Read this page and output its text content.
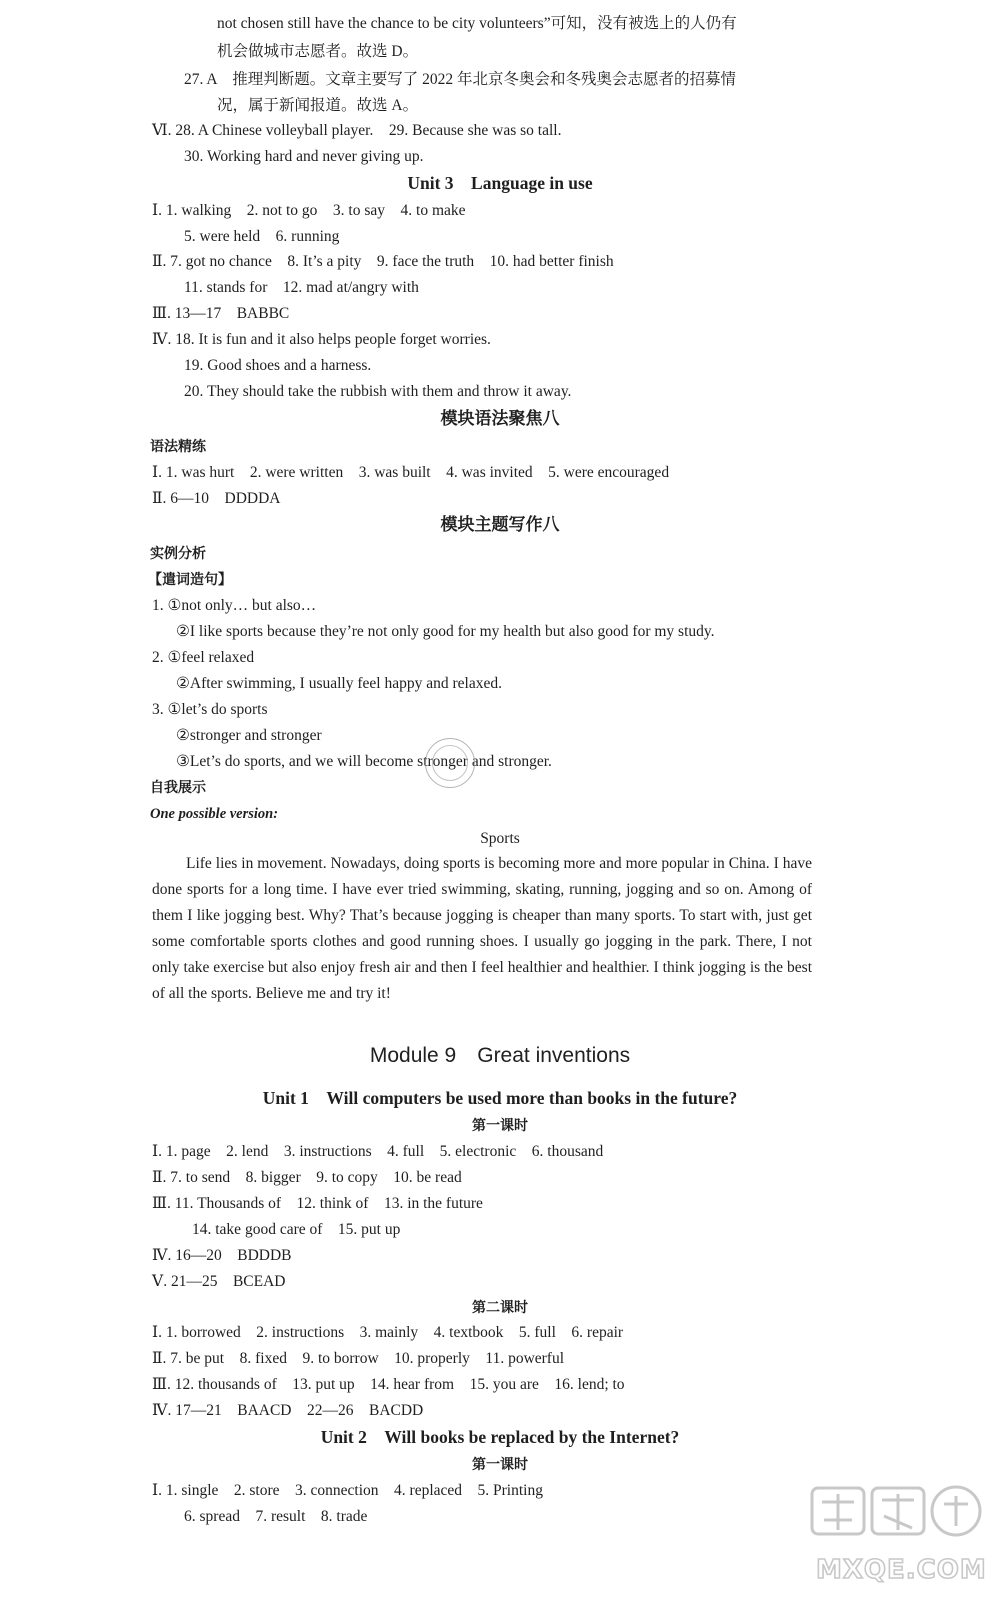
not chosen still have the chance to be city volunteers”可知，没有被选上的人仍有
机会做城市志愿者。故选 D。
27. A　推理判断题。文章主要写了 2022 年北京冬奥会和冬残奥会志愿者的招募情
况，属于新闻报道。故选 A。
Ⅵ. 28. A Chinese volleyball player.　29. Because she was so tall.
30. Working hard and never giving up.
Unit 3　Language in use
Ⅰ. 1. walking　2. not to go　3. to say　4. to make
5. were held　6. running
Ⅱ. 7. got no chance　8. It’s a pity　9. face the truth　10. had better finish
11. stands for　12. mad at/angry with
Ⅲ. 13—17　BABBC
Ⅳ. 18. It is fun and it also helps people forget worries.
19. Good shoes and a harness.
20. They should take the rubbish with them and throw it away.
模块语法聚焦八
语法精练
Ⅰ. 1. was hurt　2. were written　3. was built　4. was invited　5. were encouraged
Ⅱ. 6—10　DDDDA
模块主题写作八
实例分析
【遣词造句】
1. ①not only… but also…
②I like sports because they’re not only good for my health but also good for my study.
2. ①feel relaxed
②After swimming, I usually feel happy and relaxed.
3. ①let’s do sports
②stronger and stronger
③Let’s do sports, and we will become stronger and stronger.
自我展示
One possible version:
Sports
Life lies in movement. Nowadays, doing sports is becoming more and more popular in China. I have done sports for a long time. I have ever tried swimming, skating, running, jogging and so on. Among of them I like jogging best. Why? That’s because jogging is cheaper than many sports. To start with, just get some comfortable sports clothes and good running shoes. I usually go jogging in the park. There, I not only take exercise but also enjoy fresh air and then I feel healthier and healthier. I think jogging is the best of all the sports. Believe me and try it!
Module 9　Great inventions
Unit 1　Will computers be used more than books in the future?
第一课时
Ⅰ. 1. page　2. lend　3. instructions　4. full　5. electronic　6. thousand
Ⅱ. 7. to send　8. bigger　9. to copy　10. be read
Ⅲ. 11. Thousands of　12. think of　13. in the future
14. take good care of　15. put up
Ⅳ. 16—20　BDDDB
Ⅴ. 21—25　BCEAD
第二课时
Ⅰ. 1. borrowed　2. instructions　3. mainly　4. textbook　5. full　6. repair
Ⅱ. 7. be put　8. fixed　9. to borrow　10. properly　11. powerful
Ⅲ. 12. thousands of　13. put up　14. hear from　15. you are　16. lend; to
Ⅳ. 17—21　BAACD　22—26　BACDD
Unit 2　Will books be replaced by the Internet?
第一课时
Ⅰ. 1. single　2. store　3. connection　4. replaced　5. Printing
6. spread　7. result　8. trade
MXQE.COM
